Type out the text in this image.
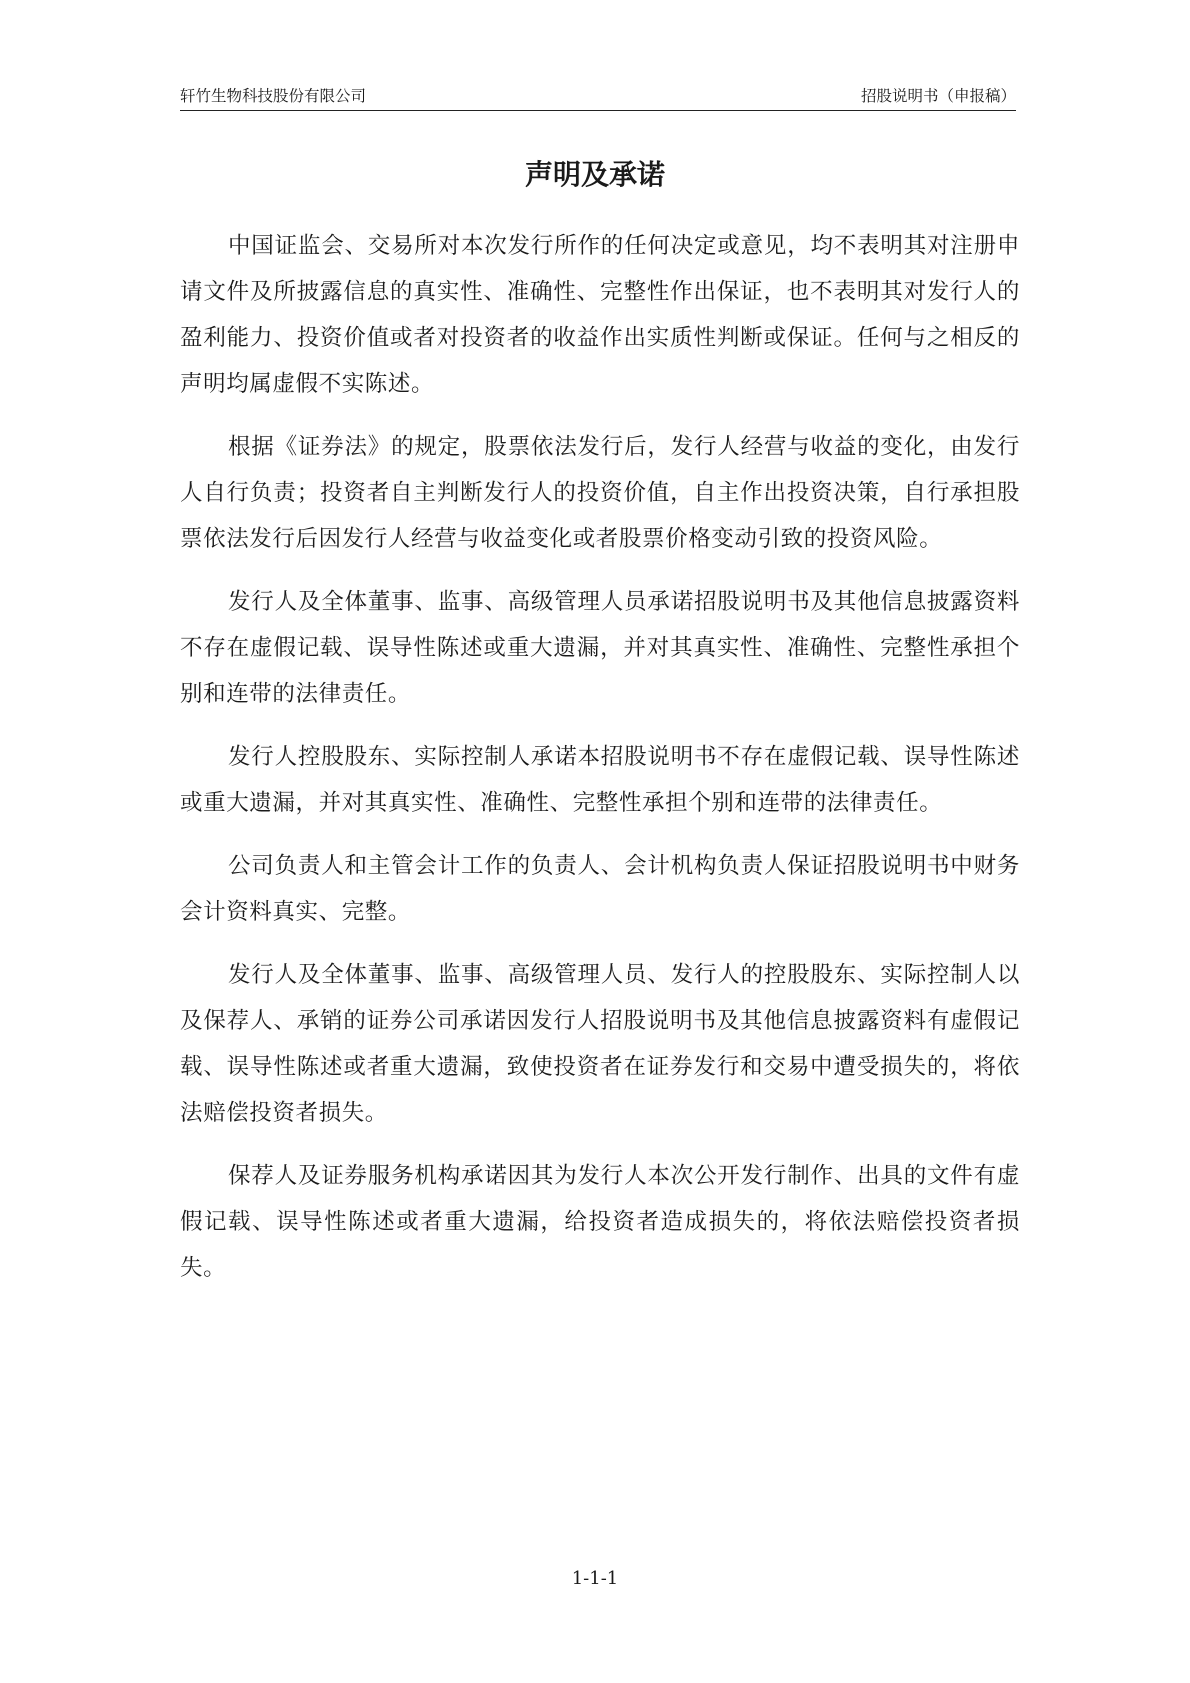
轩竹生物科技股份有限公司	招股说明书（申报稿）
声明及承诺

中国证监会、交易所对本次发行所作的任何决定或意见，均不表明其对注册申请文件及所披露信息的真实性、准确性、完整性作出保证，也不表明其对发行人的盈利能力、投资价值或者对投资者的收益作出实质性判断或保证。任何与之相反的声明均属虚假不实陈述。

根据《证券法》的规定，股票依法发行后，发行人经营与收益的变化，由发行人自行负责；投资者自主判断发行人的投资价值，自主作出投资决策，自行承担股票依法发行后因发行人经营与收益变化或者股票价格变动引致的投资风险。

发行人及全体董事、监事、高级管理人员承诺招股说明书及其他信息披露资料不存在虚假记载、误导性陈述或重大遗漏，并对其真实性、准确性、完整性承担个别和连带的法律责任。

发行人控股股东、实际控制人承诺本招股说明书不存在虚假记载、误导性陈述或重大遗漏，并对其真实性、准确性、完整性承担个别和连带的法律责任。

公司负责人和主管会计工作的负责人、会计机构负责人保证招股说明书中财务会计资料真实、完整。

发行人及全体董事、监事、高级管理人员、发行人的控股股东、实际控制人以及保荐人、承销的证券公司承诺因发行人招股说明书及其他信息披露资料有虚假记载、误导性陈述或者重大遗漏，致使投资者在证券发行和交易中遭受损失的，将依法赔偿投资者损失。

保荐人及证券服务机构承诺因其为发行人本次公开发行制作、出具的文件有虚假记载、误导性陈述或者重大遗漏，给投资者造成损失的，将依法赔偿投资者损失。

1-1-1
